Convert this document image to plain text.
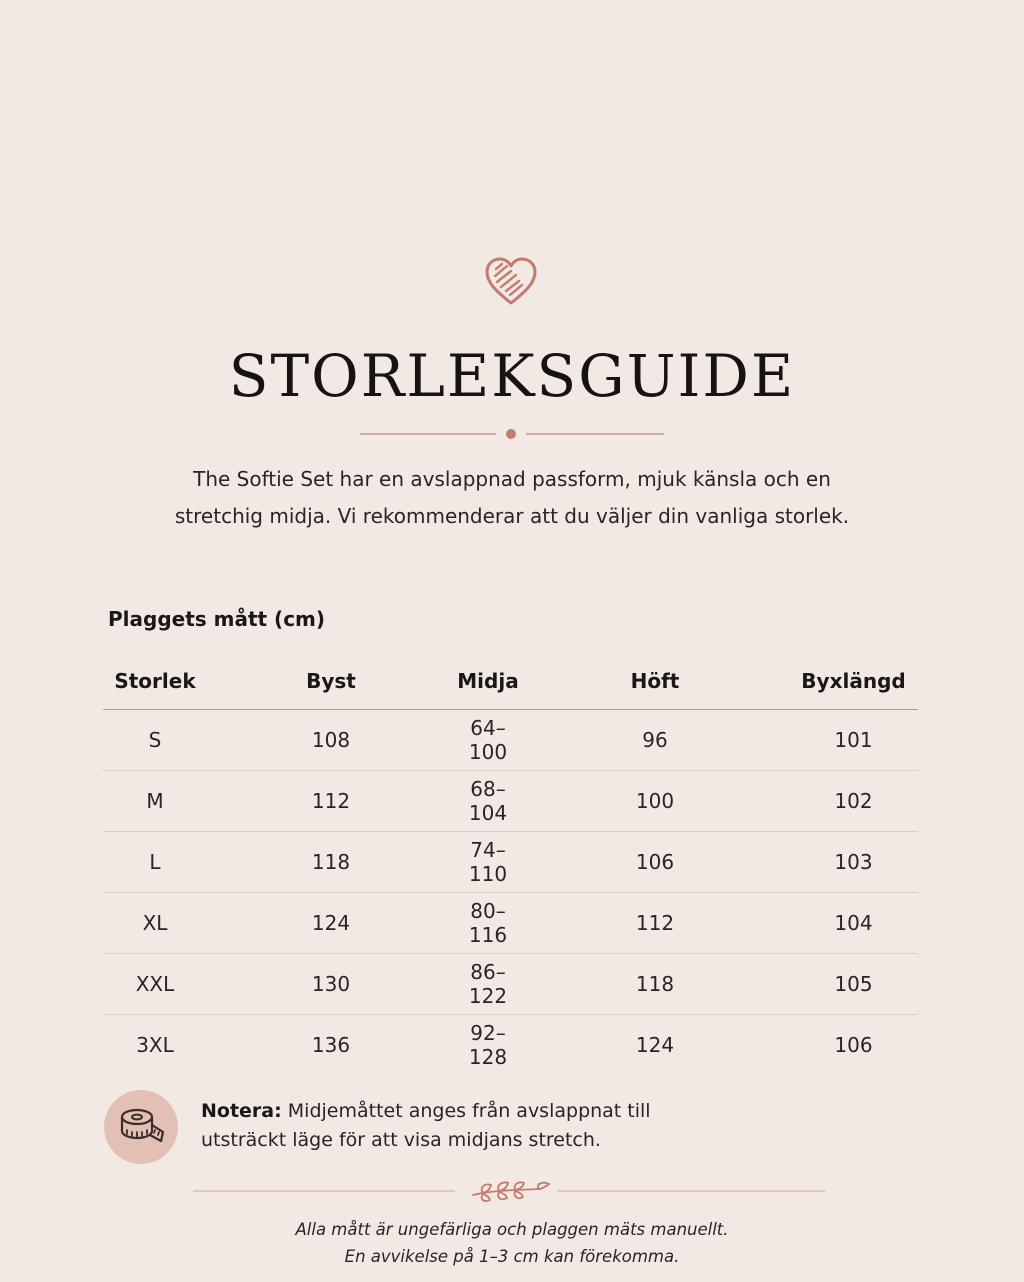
STORLEKSGUIDE

The Softie Set har en avslappnad passform, mjuk känsla och en stretchig midja. Vi rekommenderar att du väljer din vanliga storlek.

Plaggets mått (cm)
Storlek	Byst	Midja	Höft	Byxlängd
S	108	64–100	96	101
M	112	68–104	100	102
L	118	74–110	106	103
XL	124	80–116	112	104
XXL	130	86–122	118	105
3XL	136	92–128	124	106
Notera: Midjemåttet anges från avslappnat till utsträckt läge för att visa midjans stretch.
Alla mått är ungefärliga och plaggen mäts manuellt.
En avvikelse på 1–3 cm kan förekomma.
